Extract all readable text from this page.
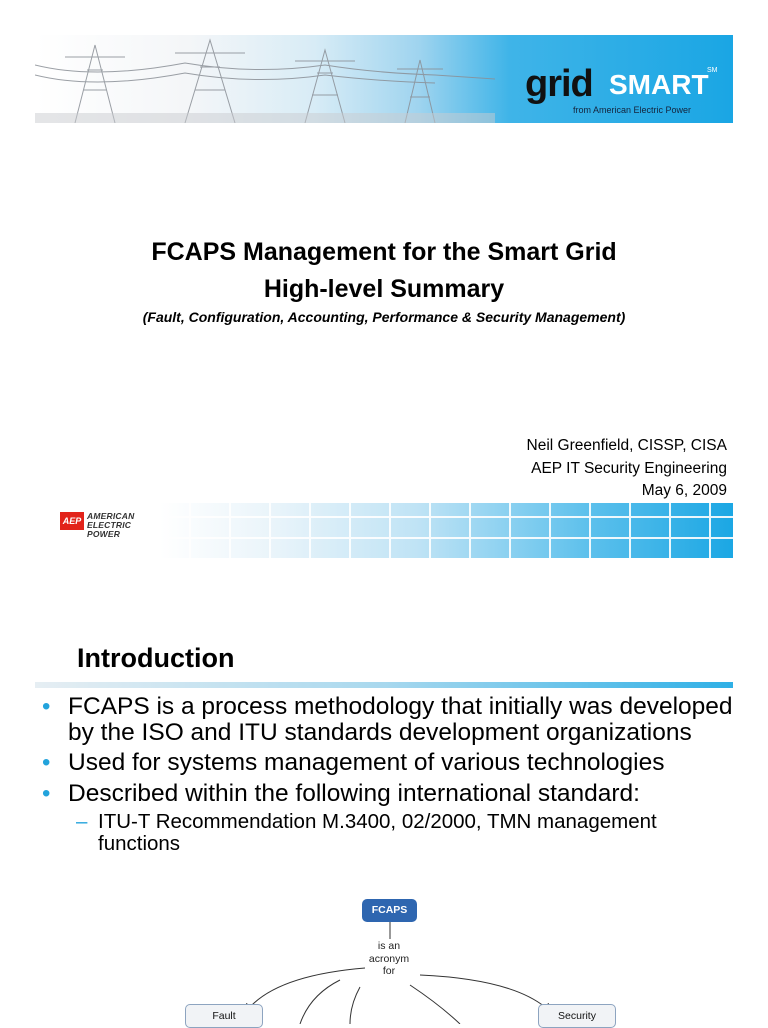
grid SMART
SM
from American Electric Power
FCAPS Management for the Smart Grid
High-level Summary
(Fault, Configuration, Accounting, Performance & Security Management)
Neil Greenfield, CISSP, CISA
AEP IT Security Engineering
May 6, 2009
AEP AMERICAN
ELECTRIC
POWER
Introduction
• FCAPS is a process methodology that initially was developed by the ISO and ITU standards development organizations
• Used for systems management of various technologies
• Described within the following international standard:
– ITU-T Recommendation M.3400, 02/2000, TMN management functions
FCAPS
is an
acronym
for
Fault	Security
